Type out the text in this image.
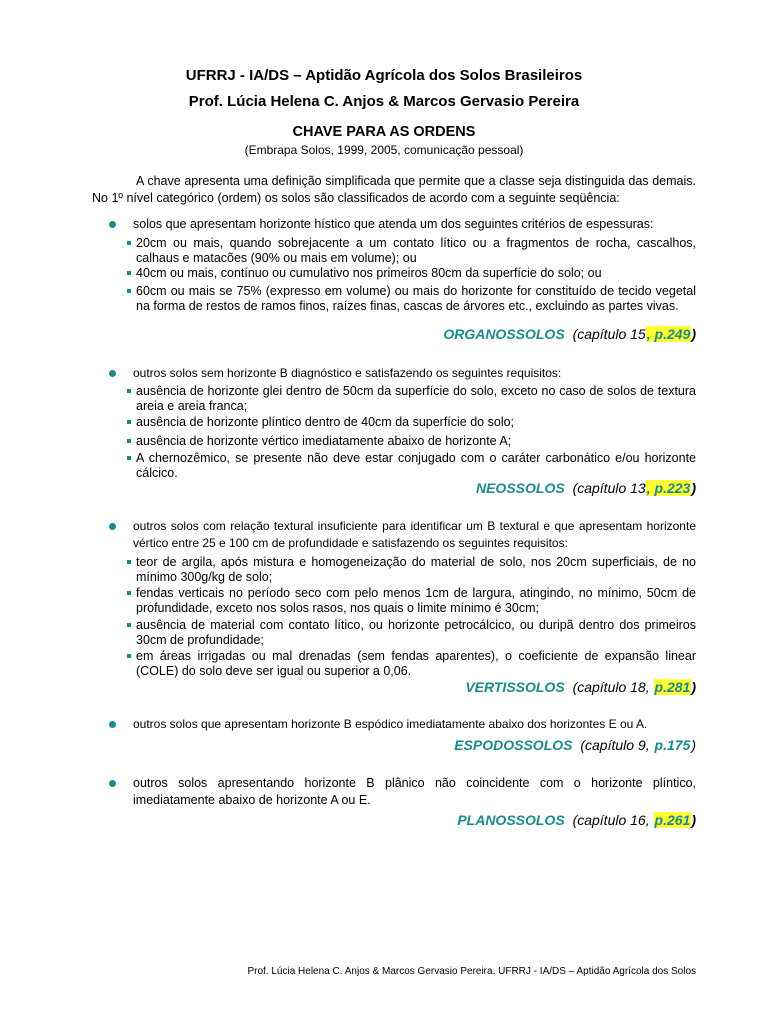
UFRRJ - IA/DS – Aptidão Agrícola dos Solos Brasileiros
Prof. Lúcia Helena C. Anjos & Marcos Gervasio Pereira
CHAVE PARA AS ORDENS
(Embrapa Solos, 1999, 2005, comunicação pessoal)
A chave apresenta uma definição simplificada que permite que a classe seja distinguida das demais. No 1º nível categórico (ordem) os solos são classificados de acordo com a seguinte seqüência:
solos que apresentam horizonte hístico que atenda um dos seguintes critérios de espessuras:
20cm ou mais, quando sobrejacente a um contato lítico ou a fragmentos de rocha, cascalhos, calhaus e matacões (90% ou mais em volume); ou
40cm ou mais, contínuo ou cumulativo nos primeiros 80cm da superfície do solo; ou
60cm ou mais se 75% (expresso em volume) ou mais do horizonte for constituído de tecido vegetal na forma de restos de ramos finos, raízes finas, cascas de árvores etc., excluindo as partes vivas.
ORGANOSSOLOS (capítulo 15, p.249)
outros solos sem horizonte B diagnóstico e satisfazendo os seguintes requisitos:
ausência de horizonte glei dentro de 50cm da superfície do solo, exceto no caso de solos de textura areia e areia franca;
ausência de horizonte plíntico dentro de 40cm da superfície do solo;
ausência de horizonte vértico imediatamente abaixo de horizonte A;
A chernozêmico, se presente não deve estar conjugado com o caráter carbonático e/ou horizonte cálcico.
NEOSSOLOS (capítulo 13, p.223)
outros solos com relação textural insuficiente para identificar um B textural e que apresentam horizonte vértico entre 25 e 100 cm de profundidade e satisfazendo os seguintes requisitos:
teor de argila, após mistura e homogeneização do material de solo, nos 20cm superficiais, de no mínimo 300g/kg de solo;
fendas verticais no período seco com pelo menos 1cm de largura, atingindo, no mínimo, 50cm de profundidade, exceto nos solos rasos, nos quais o limite mínimo é 30cm;
ausência de material com contato lítico, ou horizonte petrocálcico, ou duripã dentro dos primeiros 30cm de profundidade;
em áreas irrigadas ou mal drenadas (sem fendas aparentes), o coeficiente de expansão linear (COLE) do solo deve ser igual ou superior a 0,06.
VERTISSOLOS (capítulo 18, p.281)
outros solos que apresentam horizonte B espódico imediatamente abaixo dos horizontes E ou A.
ESPODOSSOLOS (capítulo 9, p.175)
outros solos apresentando horizonte B plânico não coincidente com o horizonte plíntico, imediatamente abaixo de horizonte A ou E.
PLANOSSOLOS (capítulo 16, p.261)
Prof. Lúcia Helena C. Anjos & Marcos Gervasio Pereira. UFRRJ - IA/DS – Aptidão Agrícola dos Solos
